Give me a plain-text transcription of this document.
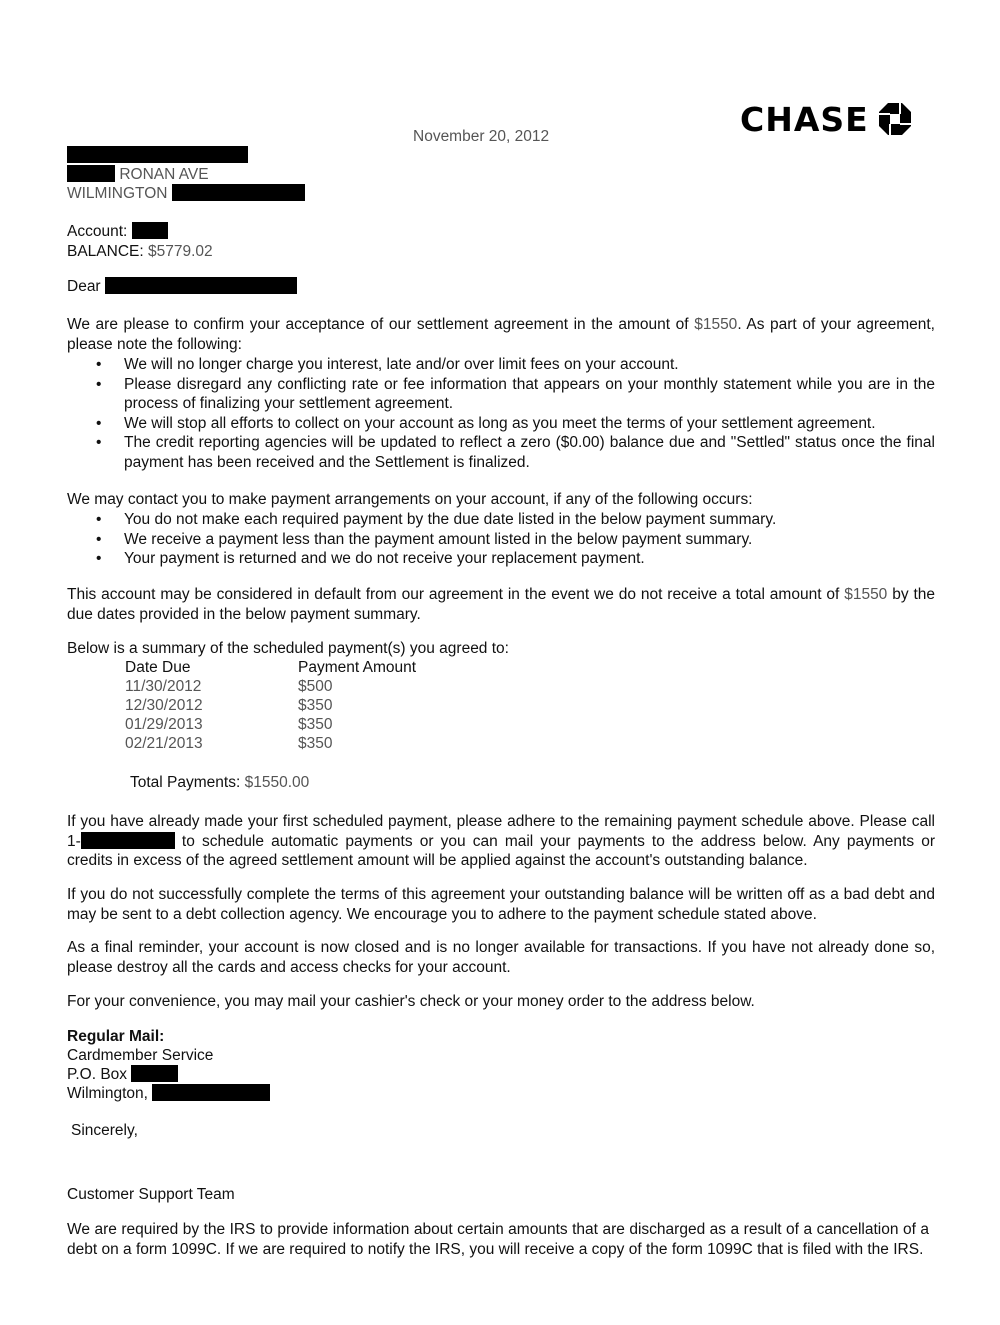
CHASE
November 20, 2012
RONAN AVE
WILMINGTON
Account:
BALANCE: $5779.02
Dear

We are please to confirm your acceptance of our settlement agreement in the amount of $1550. As part of your agreement, please note the following:

• We will no longer charge you interest, late and/or over limit fees on your account.
• Please disregard any conflicting rate or fee information that appears on your monthly statement while you are in the process of finalizing your settlement agreement.
• We will stop all efforts to collect on your account as long as you meet the terms of your settlement agreement.
• The credit reporting agencies will be updated to reflect a zero ($0.00) balance due and "Settled" status once the final payment has been received and the Settlement is finalized.
We may contact you to make payment arrangements on your account, if any of the following occurs:
• You do not make each required payment by the due date listed in the below payment summary.
• We receive a payment less than the payment amount listed in the below payment summary.
• Your payment is returned and we do not receive your replacement payment.

This account may be considered in default from our agreement in the event we do not receive a total amount of $1550 by the due dates provided in the below payment summary.

Below is a summary of the scheduled payment(s) you agreed to:
Date Due	Payment Amount
11/30/2012	$500
12/30/2012	$350
01/29/2013	$350
02/21/2013	$350
Total Payments: $1550.00

If you have already made your first scheduled payment, please adhere to the remaining payment schedule above. Please call 1-	to schedule automatic payments or you can mail your payments to the address below. Any payments or credits in excess of the agreed settlement amount will be applied against the account's outstanding balance.

If you do not successfully complete the terms of this agreement your outstanding balance will be written off as a bad debt and may be sent to a debt collection agency. We encourage you to adhere to the payment schedule stated above.
As a final reminder, your account is now closed and is no longer available for transactions. If you have not already done so, please destroy all the cards and access checks for your account.
For your convenience, you may mail your cashier's check or your money order to the address below.
Regular Mail:
Cardmember Service
P.O. Box
Wilmington,
Sincerely,
Customer Support Team
We are required by the IRS to provide information about certain amounts that are discharged as a result of a cancellation of a debt on a form 1099C. If we are required to notify the IRS, you will receive a copy of the form 1099C that is filed with the IRS.
